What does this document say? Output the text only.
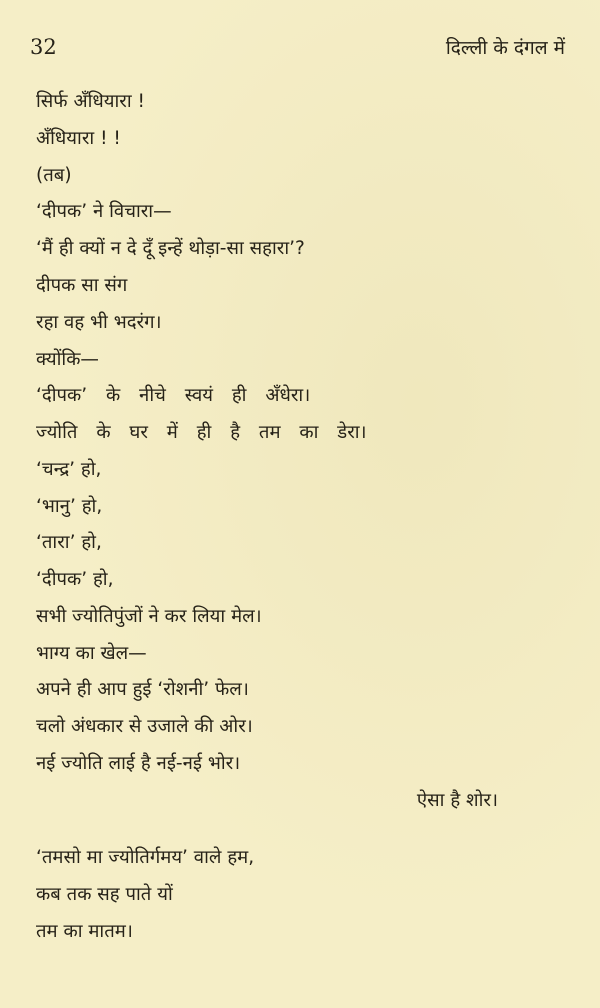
32	दिल्ली के दंगल में
सिर्फ अँधियारा !
अँधियारा ! !
(तब)
‘दीपक’ ने विचारा—
‘मैं ही क्यों न दे दूँ इन्हें थोड़ा-सा सहारा’?
दीपक सा संग
रहा वह भी भदरंग।
क्योंकि—
‘दीपक’ के नीचे स्वयं ही अँधेरा।
ज्योति के घर में ही है तम का डेरा।
‘चन्द्र’ हो,
‘भानु’ हो,
‘तारा’ हो,
‘दीपक’ हो,
सभी ज्योतिपुंजों ने कर लिया मेल।
भाग्य का खेल—
अपने ही आप हुई ‘रोशनी’ फेल।
चलो अंधकार से उजाले की ओर।
नई ज्योति लाई है नई-नई भोर।
ऐसा है शोर।
‘तमसो मा ज्योतिर्गमय’ वाले हम,
कब तक सह पाते यों
तम का मातम।
